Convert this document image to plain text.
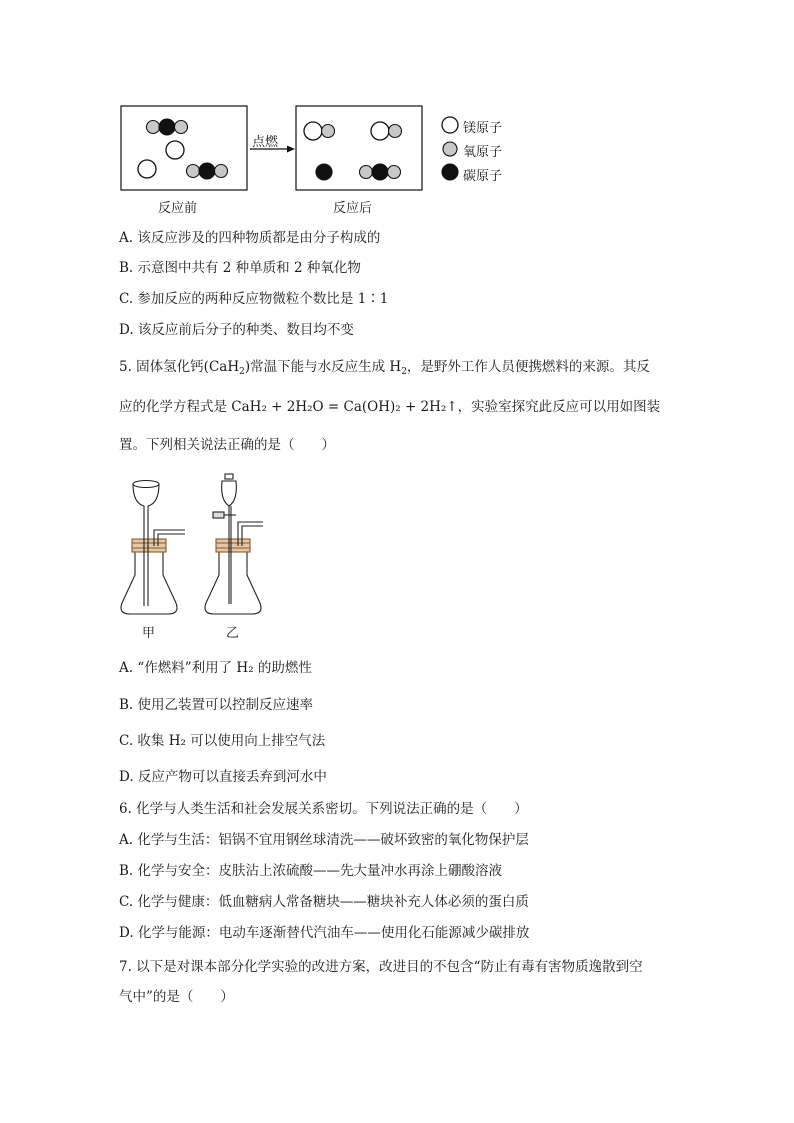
点燃
反应前	反应后
镁原子
氧原子
碳原子
A. 该反应涉及的四种物质都是由分子构成的
B. 示意图中共有 2 种单质和 2 种氧化物
C. 参加反应的两种反应物微粒个数比是 1∶1
D. 该反应前后分子的种类、数目均不变
5. 固体氢化钙(CaH$_2$)常温下能与水反应生成 $H_2$，是野外工作人员便携燃料的来源。其反
应的化学方程式是 CaH₂ + 2H₂O = Ca(OH)₂ + 2H₂↑，实验室探究此反应可以用如图装
置。下列相关说法正确的是（　　）
甲	乙
A. “作燃料”利用了 H₂ 的助燃性
B. 使用乙装置可以控制反应速率
C. 收集 H₂ 可以使用向上排空气法
D. 反应产物可以直接丢弃到河水中
6. 化学与人类生活和社会发展关系密切。下列说法正确的是（　　）
A. 化学与生活：铝锅不宜用钢丝球清洗——破坏致密的氧化物保护层
B. 化学与安全：皮肤沾上浓硫酸——先大量冲水再涂上硼酸溶液
C. 化学与健康：低血糖病人常备糖块——糖块补充人体必须的蛋白质
D. 化学与能源：电动车逐渐替代汽油车——使用化石能源减少碳排放
7. 以下是对课本部分化学实验的改进方案，改进目的不包含“防止有毒有害物质逸散到空
气中”的是（　　）
